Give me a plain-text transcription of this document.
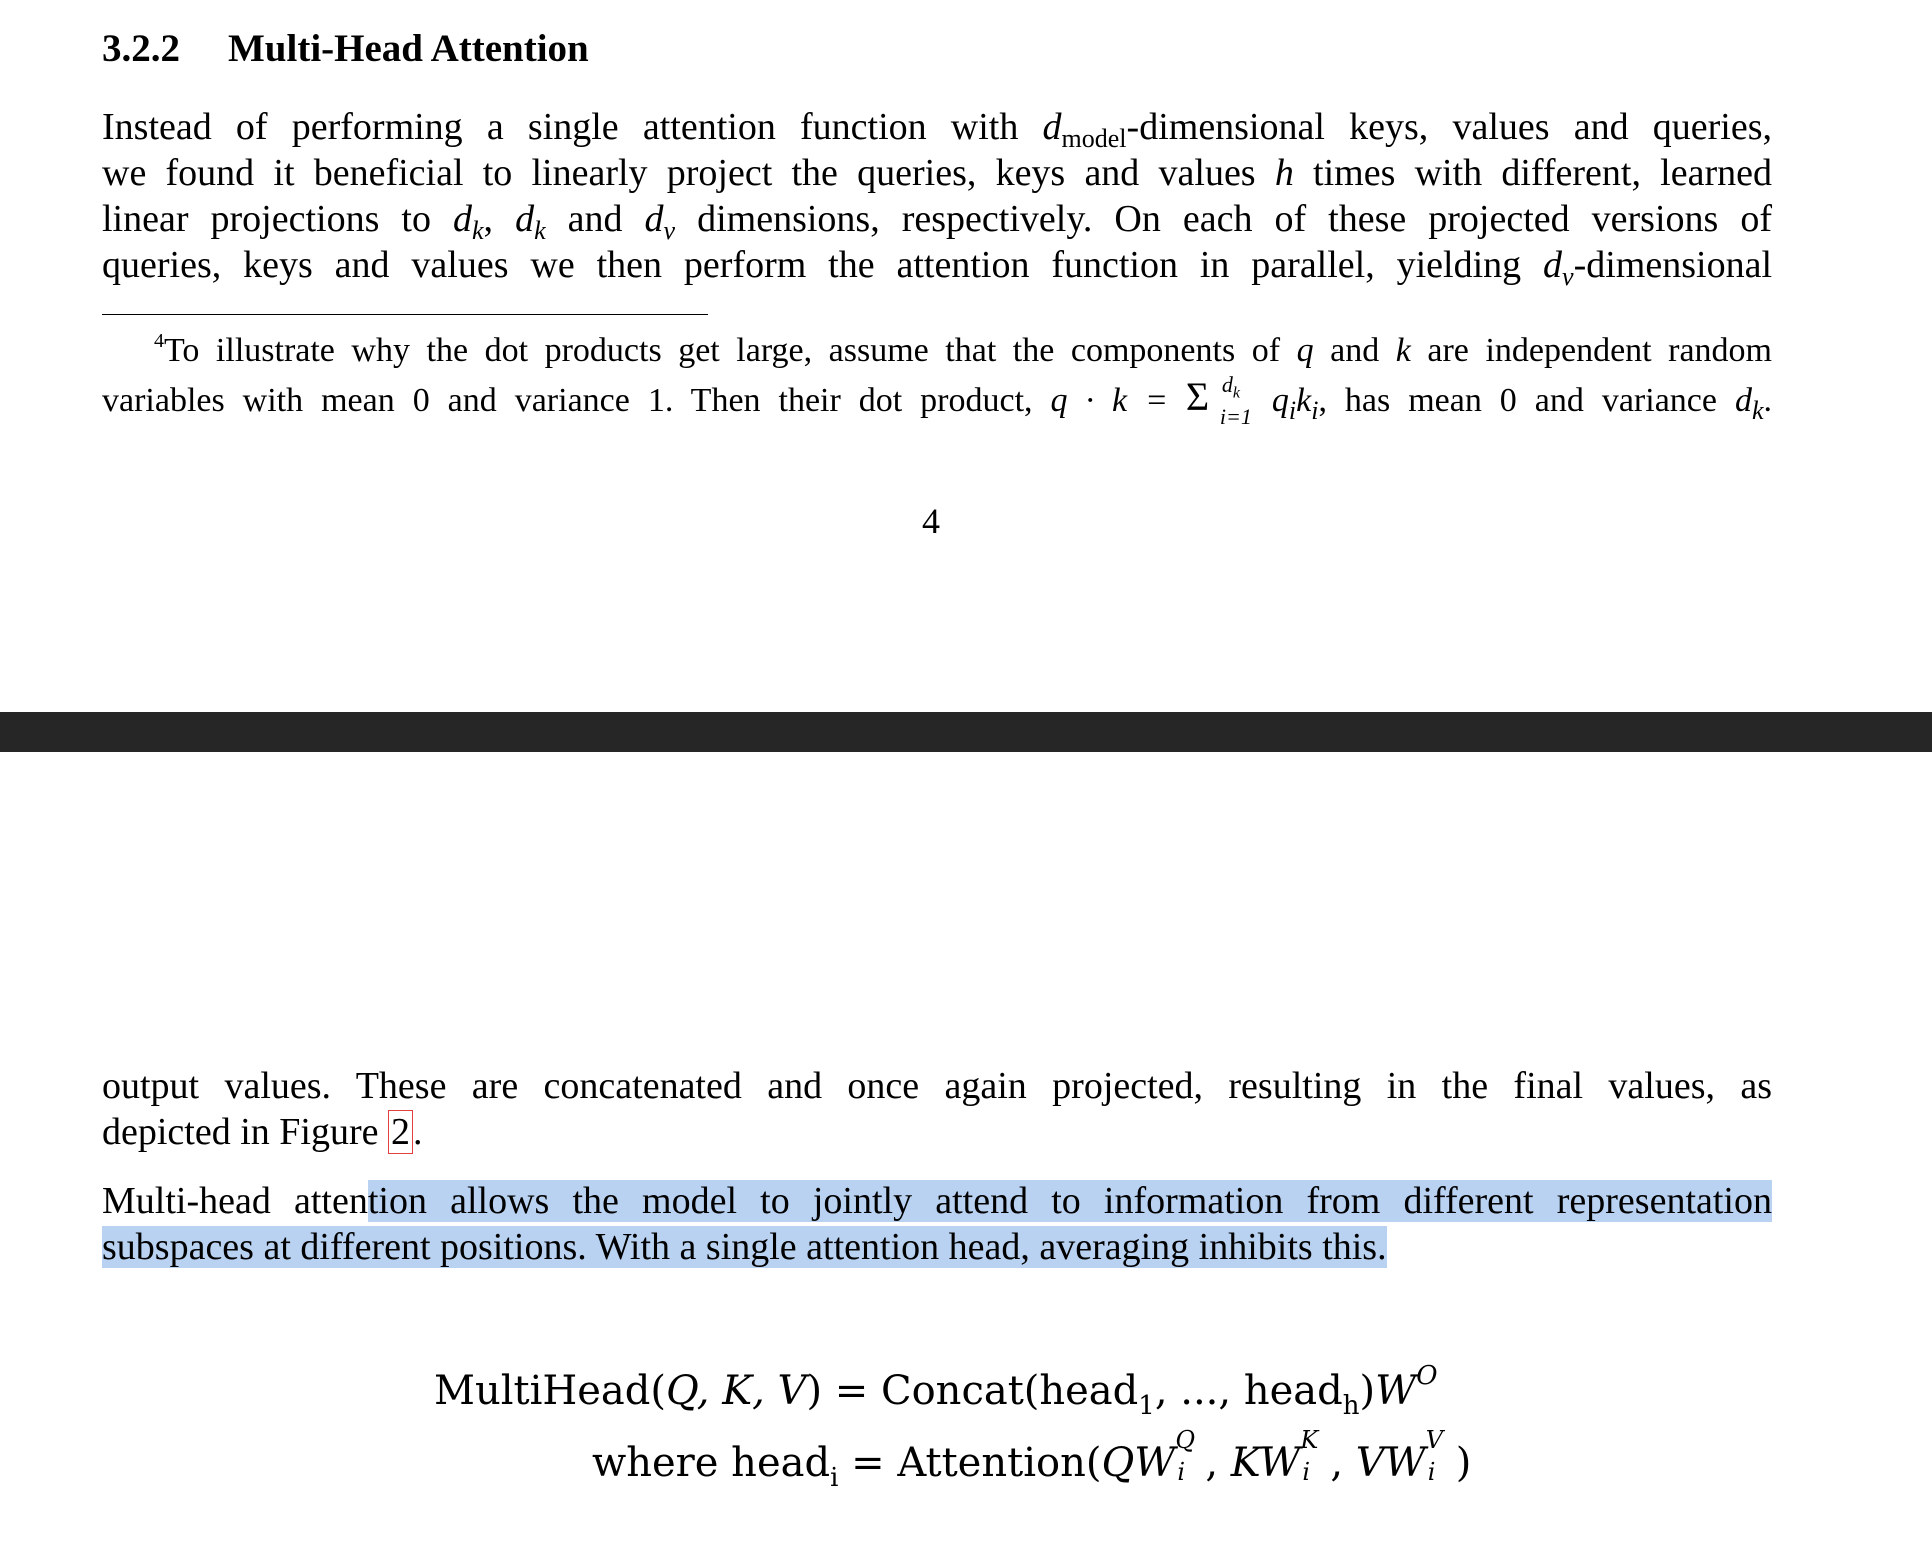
3.2.2 Multi-Head Attention
Instead of performing a single attention function with $d_{model}$-dimensional keys, values and queries,
we found it beneficial to linearly project the queries, keys and values h times with different, learned
linear projections to $d_k$, $d_k$ and $d_v$ dimensions, respectively. On each of these projected versions of
queries, keys and values we then perform the attention function in parallel, yielding $d_v$-dimensional
$^4$To illustrate why the dot products get large, assume that the components of q and k are independent random
variables with mean 0 and variance 1. Then their dot product, q · k = Σ $d_k$
i=1 $q_ik_i$, has mean 0 and variance $d_k$.
4
output values. These are concatenated and once again projected, resulting in the final values, as
depicted in Figure 2.
Multi-head attention allows the model to jointly attend to information from different representation
subspaces at different positions. With a single attention head, averaging inhibits this.
MultiHead(Q, K, V) = Concat(head$_1$, ..., $head_h)W^O$
where head$_i$ = Attention(QW Q
i , KW K
i , VW V
i )
